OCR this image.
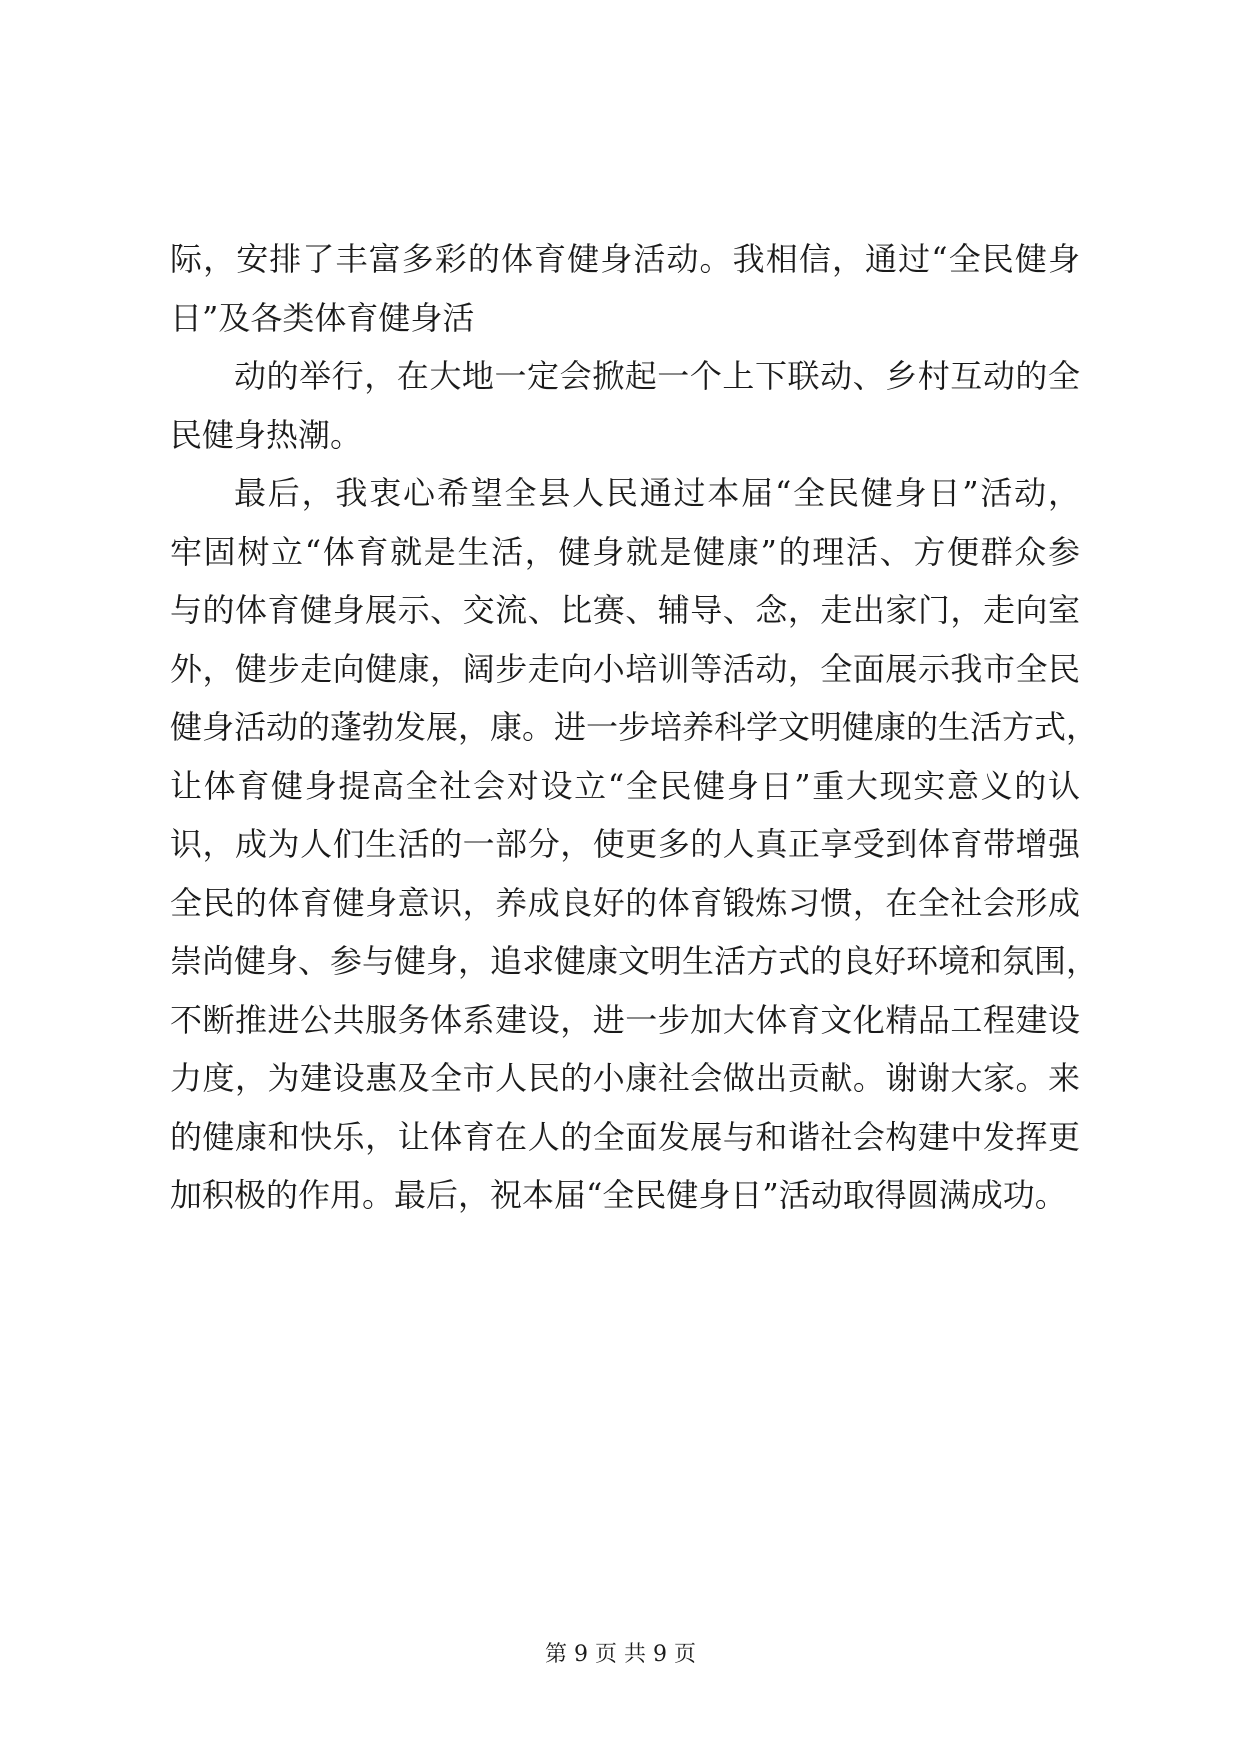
际，安排了丰富多彩的体育健身活动。我相信，通过“全民健身
日”及各类体育健身活
动的举行，在大地一定会掀起一个上下联动、乡村互动的全
民健身热潮。
最后，我衷心希望全县人民通过本届“全民健身日”活动，
牢固树立“体育就是生活，健身就是健康”的理活、方便群众参
与的体育健身展示、交流、比赛、辅导、念，走出家门，走向室
外，健步走向健康，阔步走向小培训等活动，全面展示我市全民
健身活动的蓬勃发展，康。进一步培养科学文明健康的生活方式，
让体育健身提高全社会对设立“全民健身日”重大现实意义的认
识，成为人们生活的一部分，使更多的人真正享受到体育带增强
全民的体育健身意识，养成良好的体育锻炼习惯，在全社会形成
崇尚健身、参与健身，追求健康文明生活方式的良好环境和氛围，
不断推进公共服务体系建设，进一步加大体育文化精品工程建设
力度，为建设惠及全市人民的小康社会做出贡献。谢谢大家。来
的健康和快乐，让体育在人的全面发展与和谐社会构建中发挥更
加积极的作用。最后，祝本届“全民健身日”活动取得圆满成功。
第 9 页 共 9 页
